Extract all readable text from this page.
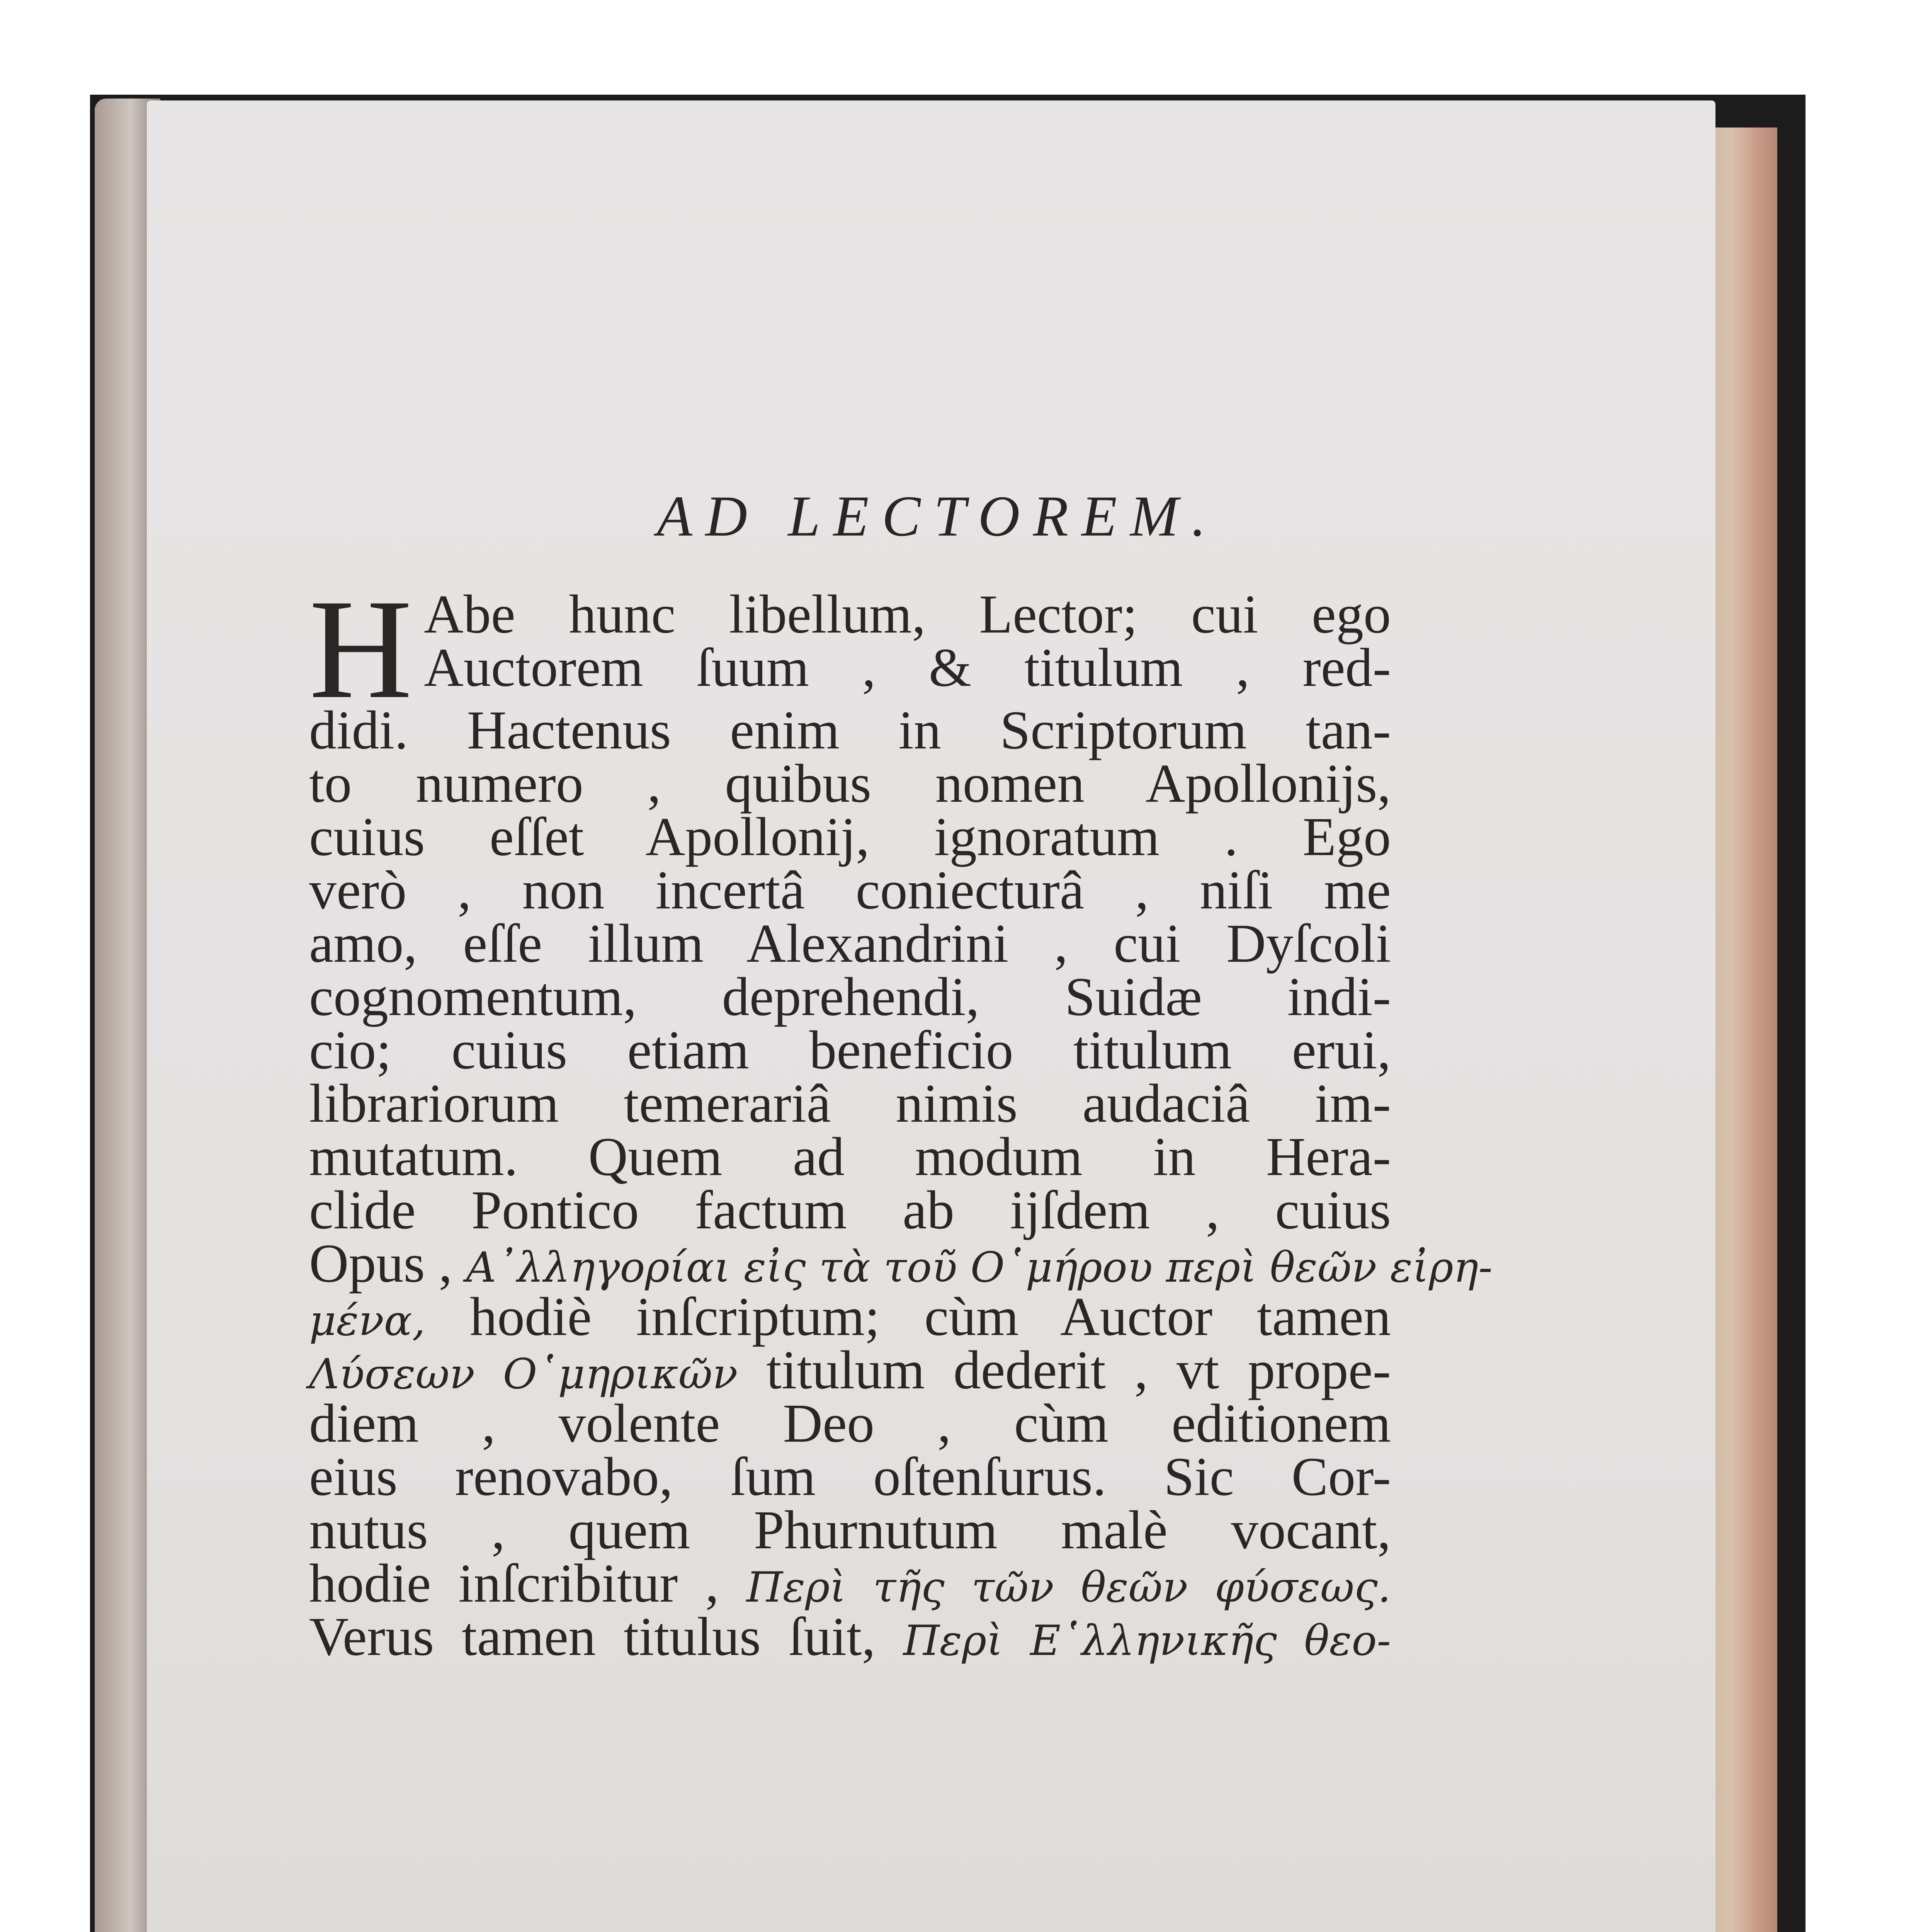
AD LECTOREM.
H Abe hunc libellum, Lector; cui ego
Auctorem ſuum , & titulum , red-
didi. Hactenus enim in Scriptorum tan-
to numero , quibus nomen Apollonijs,
cuius eſſet Apollonij, ignoratum . Ego
verò , non incertâ coniecturâ , niſi me
amo, eſſe illum Alexandrini , cui Dyſcoli
cognomentum, deprehendi, Suidæ indi-
cio; cuius etiam beneficio titulum erui,
librariorum temerariâ nimis audaciâ im-
mutatum. Quem ad modum in Hera-
clide Pontico factum ab ijſdem , cuius
Opus , Α᾽λληγορίαι εἰς τὰ τοῦ Ο῾μήρου περὶ θεῶν εἰρη-
μένα, hodiè inſcriptum; cùm Auctor tamen
Λύσεων Ο῾μηρικῶν titulum dederit , vt prope-
diem , volente Deo , cùm editionem
eius renovabo, ſum oſtenſurus. Sic Cor-
nutus , quem Phurnutum malè vocant,
hodie inſcribitur , Περὶ τῆς τῶν θεῶν φύσεως.
Verus tamen titulus ſuit, Περὶ Ε῾λληνικῆς θεο-
